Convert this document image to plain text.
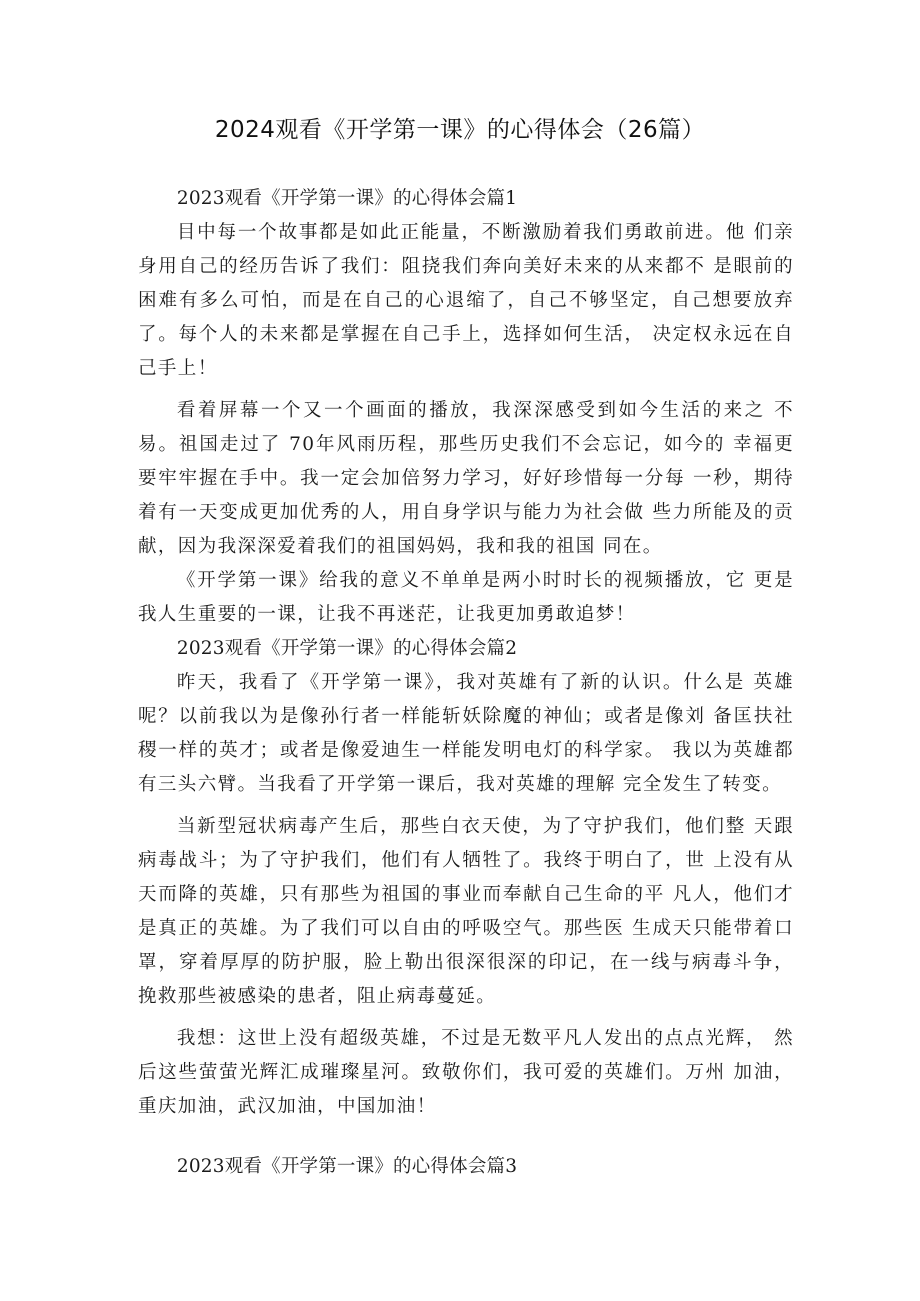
2024观看《开学第一课》的心得体会（26篇）

2023观看《开学第一课》的心得体会篇1

目中每一个故事都是如此正能量，不断激励着我们勇敢前进。他 们亲身用自己的经历告诉了我们：阻挠我们奔向美好未来的从来都不 是眼前的困难有多么可怕，而是在自己的心退缩了，自己不够坚定，自己想要放弃了。每个人的未来都是掌握在自己手上，选择如何生活， 决定权永远在自己手上！

看着屏幕一个又一个画面的播放，我深深感受到如今生活的来之 不易。祖国走过了 70年风雨历程，那些历史我们不会忘记，如今的 幸福更要牢牢握在手中。我一定会加倍努力学习，好好珍惜每一分每 一秒，期待着有一天变成更加优秀的人，用自身学识与能力为社会做 些力所能及的贡献，因为我深深爱着我们的祖国妈妈，我和我的祖国 同在。

《开学第一课》给我的意义不单单是两小时时长的视频播放，它 更是我人生重要的一课，让我不再迷茫，让我更加勇敢追梦！

2023观看《开学第一课》的心得体会篇2

昨天，我看了《开学第一课》，我对英雄有了新的认识。什么是 英雄呢？以前我以为是像孙行者一样能斩妖除魔的神仙；或者是像刘 备匡扶社稷一样的英才；或者是像爱迪生一样能发明电灯的科学家。 我以为英雄都有三头六臂。当我看了开学第一课后，我对英雄的理解 完全发生了转变。

当新型冠状病毒产生后，那些白衣天使，为了守护我们，他们整 天跟病毒战斗；为了守护我们，他们有人牺牲了。我终于明白了，世 上没有从天而降的英雄，只有那些为祖国的事业而奉献自己生命的平 凡人，他们才是真正的英雄。为了我们可以自由的呼吸空气。那些医 生成天只能带着口罩，穿着厚厚的防护服，脸上勒出很深很深的印记，在一线与病毒斗争，挽救那些被感染的患者，阻止病毒蔓延。

我想：这世上没有超级英雄，不过是无数平凡人发出的点点光辉， 然后这些萤萤光辉汇成璀璨星河。致敬你们，我可爱的英雄们。万州 加油，重庆加油，武汉加油，中国加油！

2023观看《开学第一课》的心得体会篇3
